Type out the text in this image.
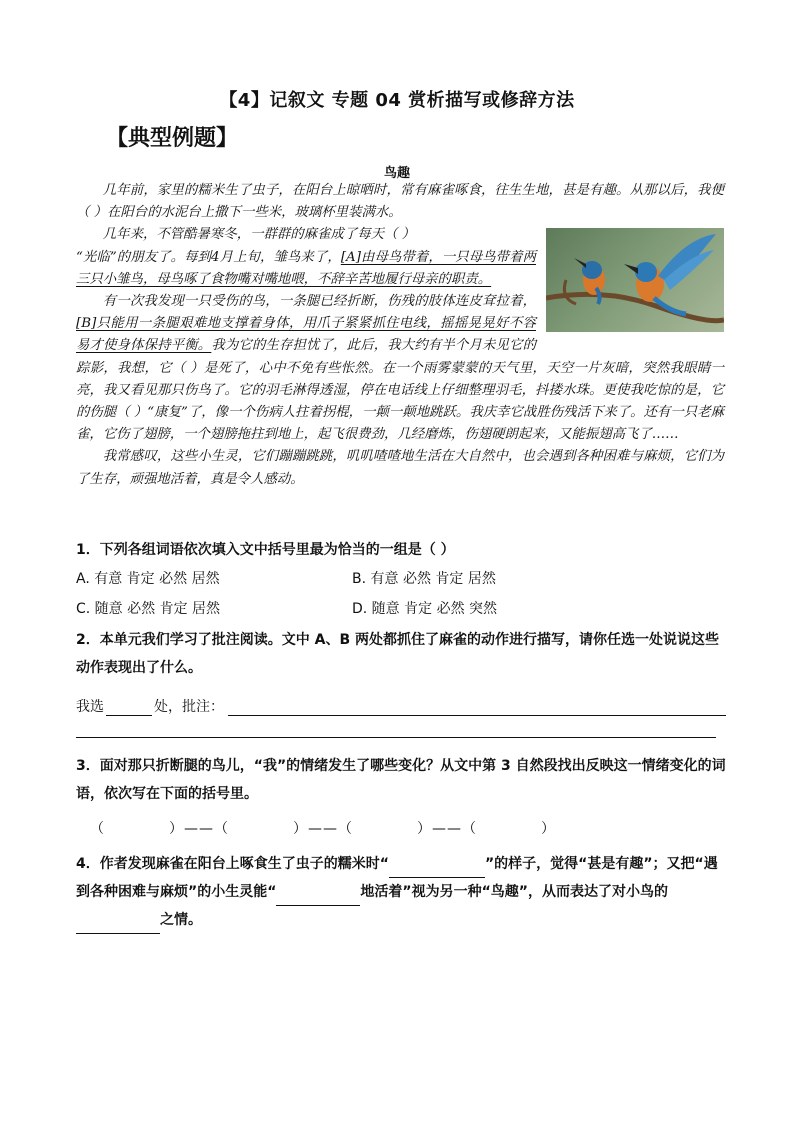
【4】记叙文 专题 04 赏析描写或修辞方法
【典型例题】
鸟趣

几年前，家里的糯米生了虫子，在阳台上晾晒时，常有麻雀啄食，往生生地，甚是有趣。从那以后，我便（ ）在阳台的水泥台上撒下一些米，玻璃杯里装满水。

几年来，不管酷暑寒冬，一群群的麻雀成了每天（ ）

“光临”的朋友了。每到4月上旬，雏鸟来了，[A]由母鸟带着，一只母鸟带着两三只小雏鸟，母鸟啄了食物嘴对嘴地喂，不辞辛苦地履行母亲的职责。

有一次我发现一只受伤的鸟，一条腿已经折断，伤残的肢体连皮耷拉着，[B]只能用一条腿艰难地支撑着身体，用爪子紧紧抓住电线，摇摇晃晃好不容易才使身体保持平衡。我为它的生存担忧了，此后，我大约有半个月未见它的踪影，我想，它（ ）是死了，心中不免有些怅然。在一个雨雾蒙蒙的天气里，天空一片灰暗，突然我眼睛一亮，我又看见那只伤鸟了。它的羽毛淋得透湿，停在电话线上仔细整理羽毛，抖搂水珠。更使我吃惊的是，它的伤腿（ ）“康复”了，像一个伤病人拄着拐棍，一颠一颠地跳跃。我庆幸它战胜伤残活下来了。还有一只老麻雀，它伤了翅膀，一个翅膀拖拄到地上，起飞很费劲，几经磨炼，伤翅硬朗起来，又能振翅高飞了……

我常感叹，这些小生灵，它们蹦蹦跳跳，叽叽喳喳地生活在大自然中，也会遇到各种困难与麻烦，它们为了生存，顽强地活着，真是令人感动。

1．下列各组词语依次填入文中括号里最为恰当的一组是（ ）

A. 有意 肯定 必然 居然	B. 有意 必然 肯定 居然
C. 随意 必然 肯定 居然	D. 随意 肯定 必然 突然

2．本单元我们学习了批注阅读。文中 A、B 两处都抓住了麻雀的动作进行描写，请你任选一处说说这些动作表现出了什么。

我选	处，批注：

3．面对那只折断腿的鸟儿，“我”的情绪发生了哪些变化？从文中第 3 自然段找出反映这一情绪变化的词语，依次写在下面的括号里。

（	）——（	）——（	）——（	）

4．作者发现麻雀在阳台上啄食生了虫子的糯米时“	”的样子，觉得“甚是有趣”；又把“遇到各种困难与麻烦”的小生灵能“	地活着”视为另一种“鸟趣”，从而表达了对小鸟的之情。
